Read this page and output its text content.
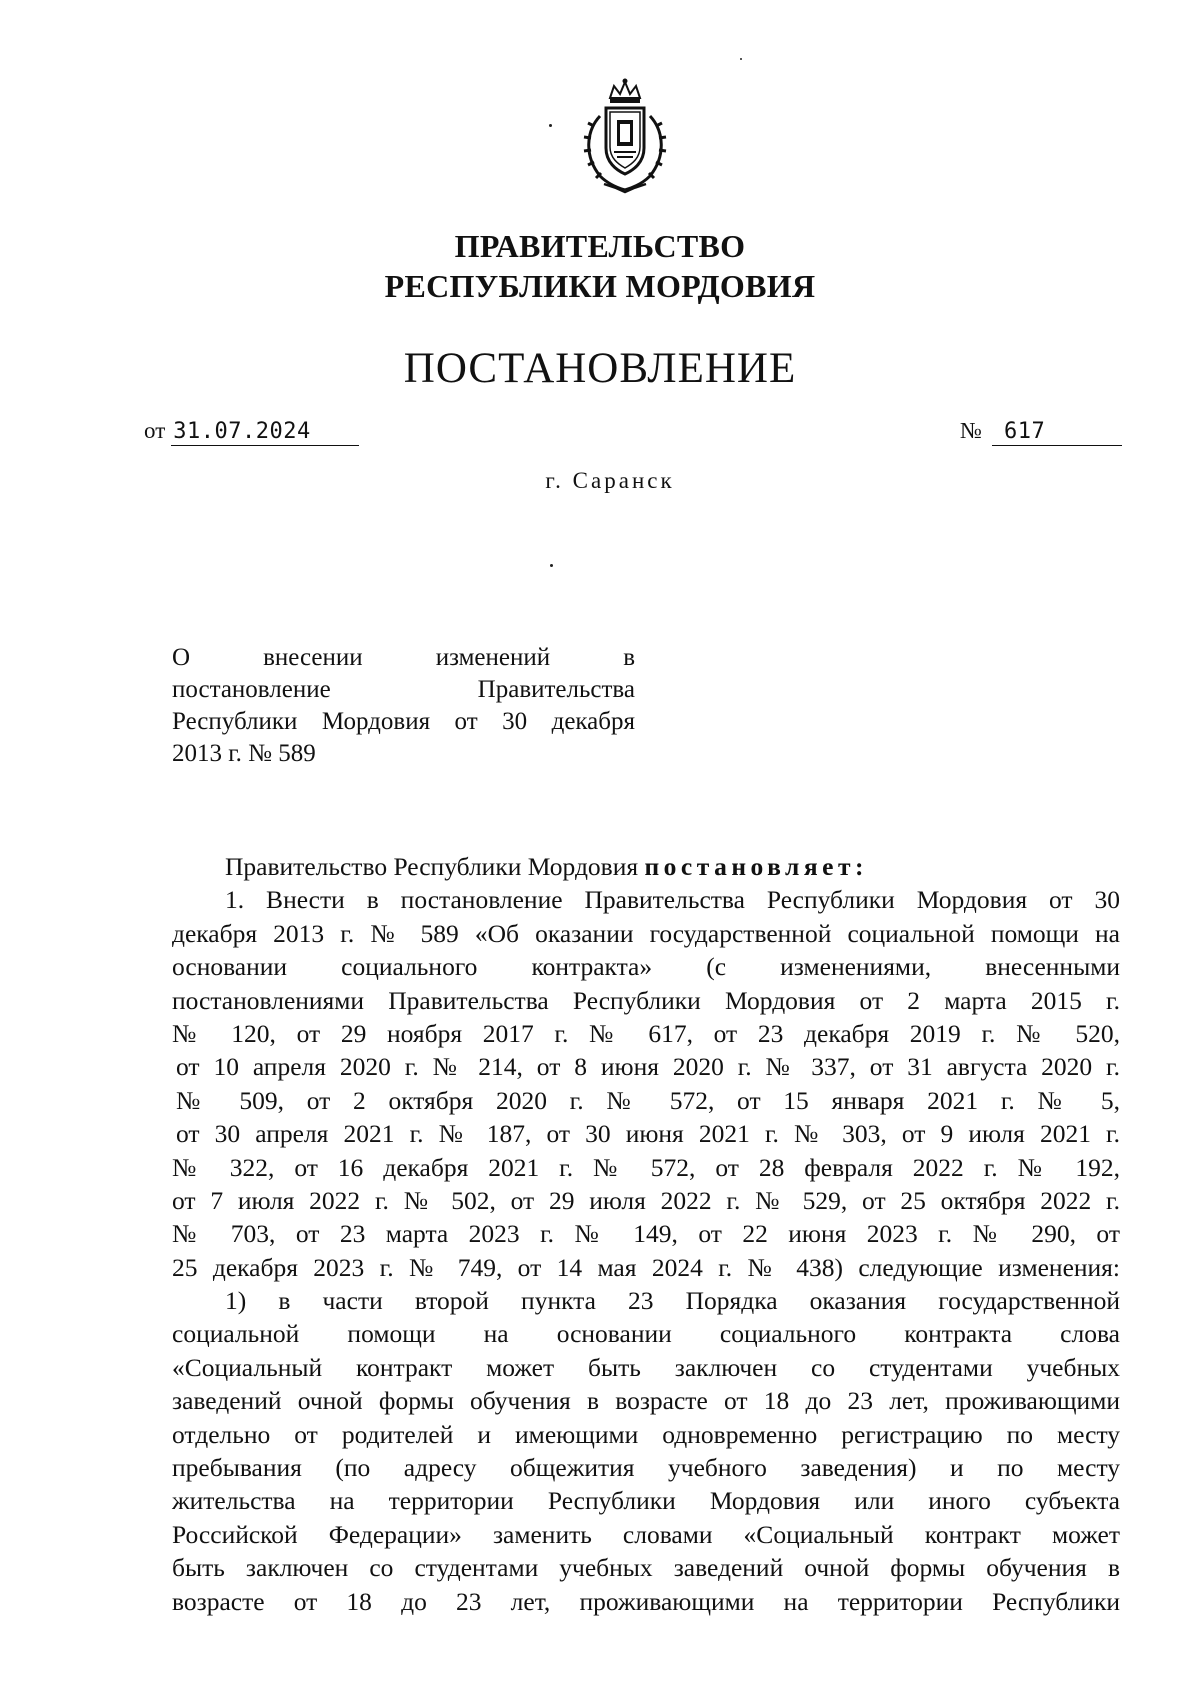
ПРАВИТЕЛЬСТВО
РЕСПУБЛИКИ МОРДОВИЯ
ПОСТАНОВЛЕНИЕ
от 31.07.2024	№ 617
г. Саранск
О внесении изменений в
постановление Правительства
Республики Мордовия от 30 декабря
2013 г. № 589
Правительство Республики Мордовия постановляет:
1. Внести в постановление Правительства Республики Мордовия от 30
декабря 2013 г. № 589 «Об оказании государственной социальной помощи на
основании социального контракта» (с изменениями, внесенными
постановлениями Правительства Республики Мордовия от 2 марта 2015 г.
№ 120, от 29 ноября 2017 г. № 617, от 23 декабря 2019 г. № 520,
от 10 апреля 2020 г. № 214, от 8 июня 2020 г. № 337, от 31 августа 2020 г.
№ 509, от 2 октября 2020 г. № 572, от 15 января 2021 г. № 5,
от 30 апреля 2021 г. № 187, от 30 июня 2021 г. № 303, от 9 июля 2021 г.
№ 322, от 16 декабря 2021 г. № 572, от 28 февраля 2022 г. № 192,
от 7 июля 2022 г. № 502, от 29 июля 2022 г. № 529, от 25 октября 2022 г.
№ 703, от 23 марта 2023 г. № 149, от 22 июня 2023 г. № 290, от
25 декабря 2023 г. № 749, от 14 мая 2024 г. № 438) следующие изменения:
1) в части второй пункта 23 Порядка оказания государственной
социальной помощи на основании социального контракта слова
«Социальный контракт может быть заключен со студентами учебных
заведений очной формы обучения в возрасте от 18 до 23 лет, проживающими
отдельно от родителей и имеющими одновременно регистрацию по месту
пребывания (по адресу общежития учебного заведения) и по месту
жительства на территории Республики Мордовия или иного субъекта
Российской Федерации» заменить словами «Социальный контракт может
быть заключен со студентами учебных заведений очной формы обучения в
возрасте от 18 до 23 лет, проживающими на территории Республики
